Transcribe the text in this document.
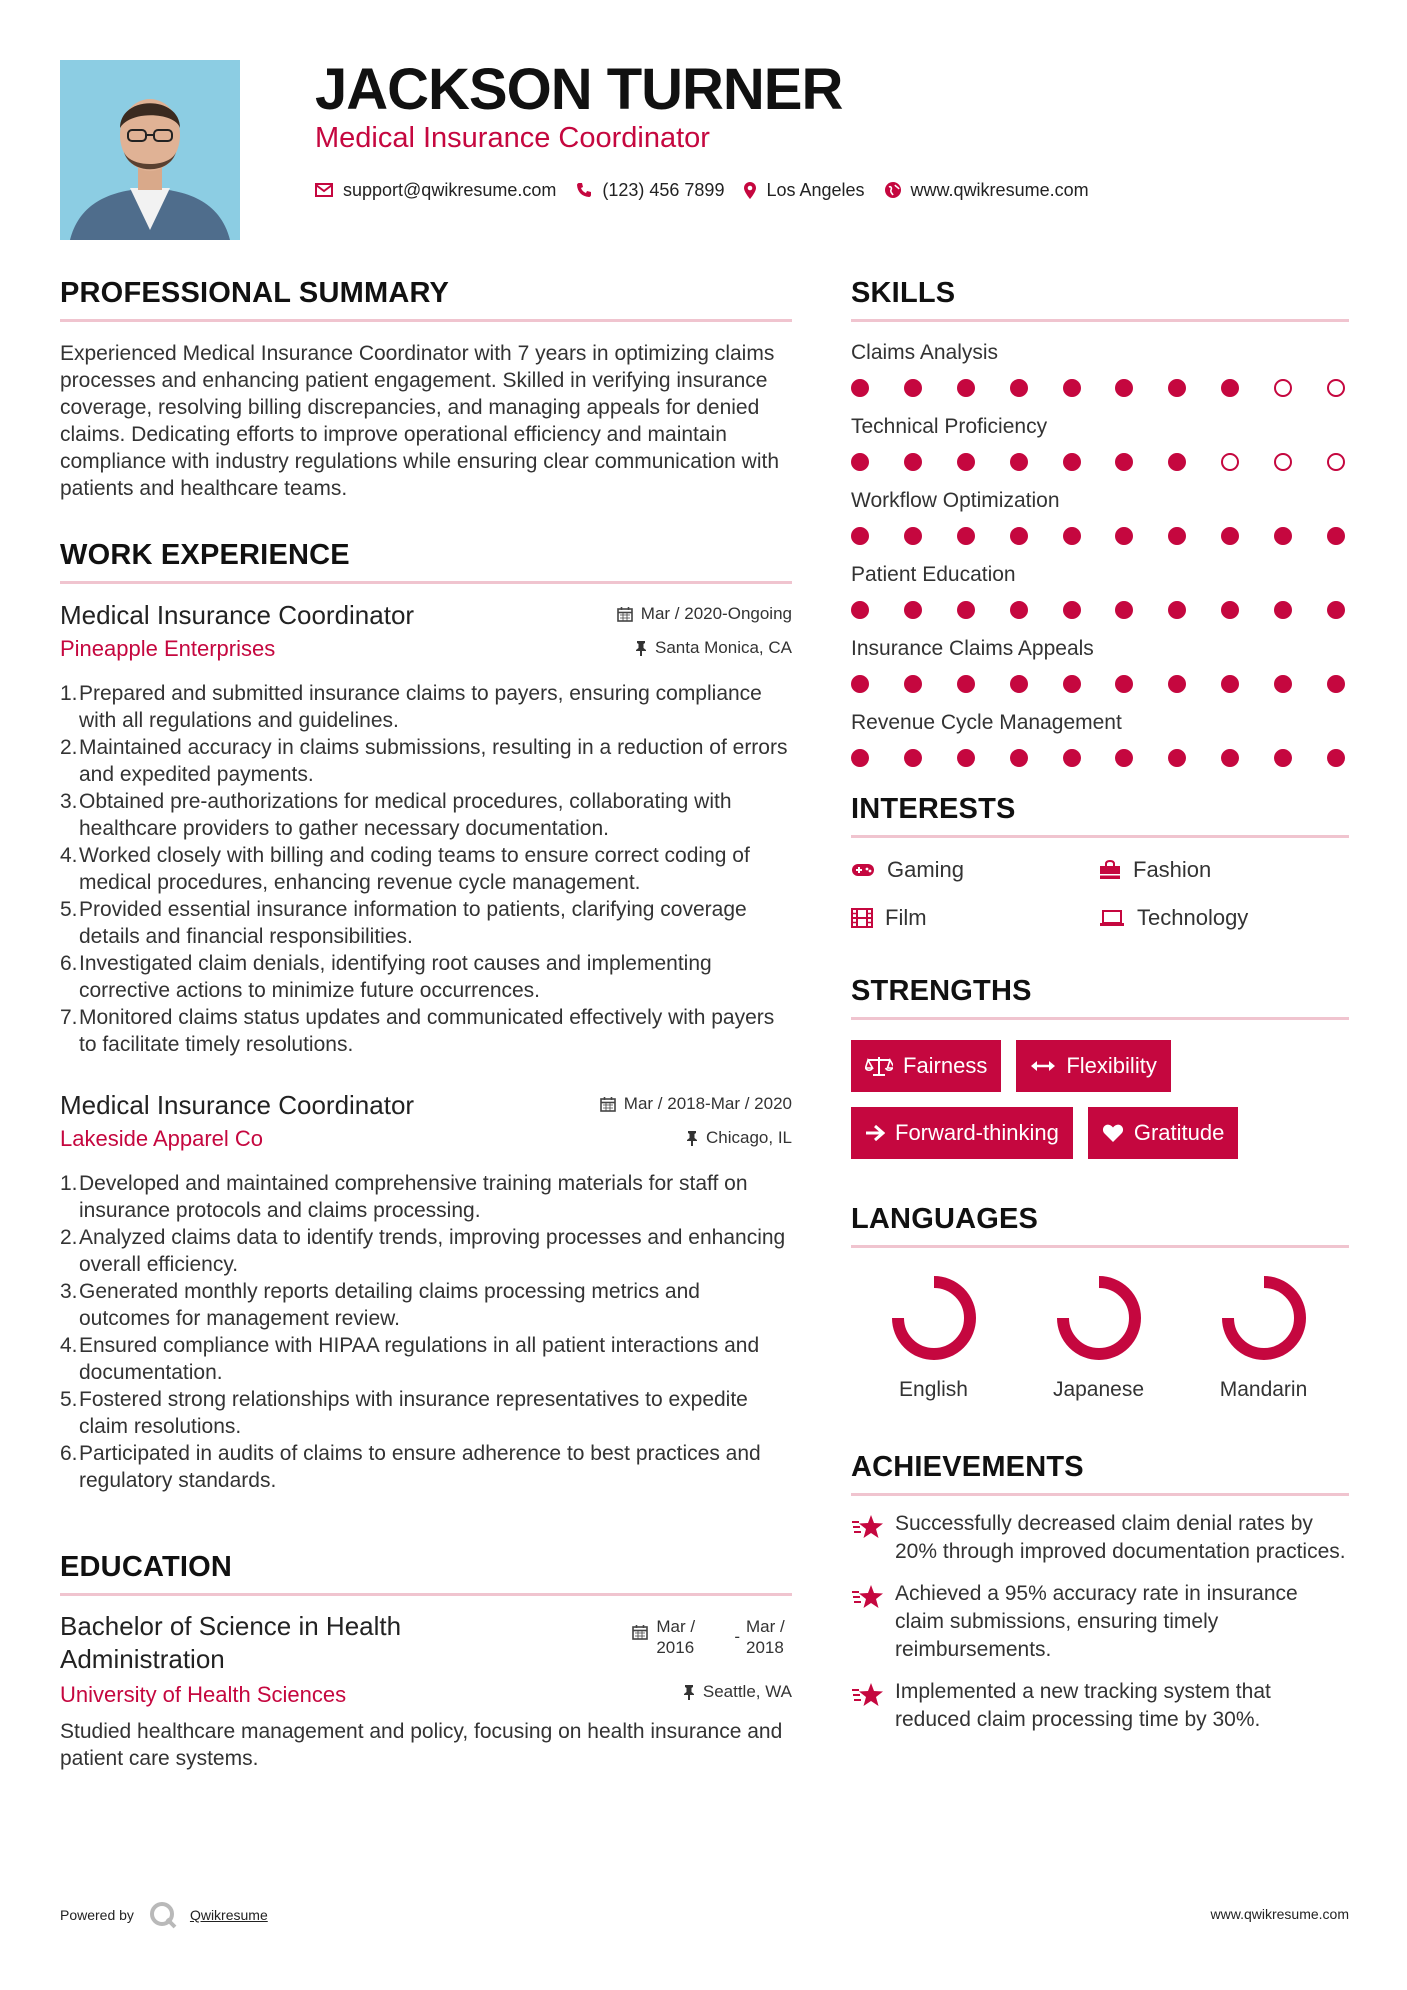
JACKSON TURNER
Medical Insurance Coordinator
support@qwikresume.com	(123) 456 7899 Los Angeles	www.qwikresume.com
PROFESSIONAL SUMMARY

Experienced Medical Insurance Coordinator with 7 years in optimizing claims processes and enhancing patient engagement. Skilled in verifying insurance coverage, resolving billing discrepancies, and managing appeals for denied claims. Dedicating efforts to improve operational efficiency and maintain compliance with industry regulations while ensuring clear communication with patients and healthcare teams.

WORK EXPERIENCE
Mar / 2020-Ongoing
Medical Insurance Coordinator
Santa Monica, CA
Pineapple Enterprises
1. Prepared and submitted insurance claims to payers, ensuring compliance with all regulations and guidelines.
2. Maintained accuracy in claims submissions, resulting in a reduction of errors and expedited payments.
3. Obtained pre-authorizations for medical procedures, collaborating with healthcare providers to gather necessary documentation.
4. Worked closely with billing and coding teams to ensure correct coding of medical procedures, enhancing revenue cycle management.
5. Provided essential insurance information to patients, clarifying coverage details and financial responsibilities.
6. Investigated claim denials, identifying root causes and implementing corrective actions to minimize future occurrences.
7. Monitored claims status updates and communicated effectively with payers to facilitate timely resolutions.
Mar / 2018-Mar / 2020
Medical Insurance Coordinator
Chicago, IL
Lakeside Apparel Co
1. Developed and maintained comprehensive training materials for staff on insurance protocols and claims processing.
2. Analyzed claims data to identify trends, improving processes and enhancing overall efficiency.
3. Generated monthly reports detailing claims processing metrics and outcomes for management review.
4. Ensured compliance with HIPAA regulations in all patient interactions and documentation.
5. Fostered strong relationships with insurance representatives to expedite claim resolutions.
6. Participated in audits of claims to ensure adherence to best practices and regulatory standards.
EDUCATION
Mar / 2016
-
Mar / 2018
Bachelor of Science in Health Administration
Seattle, WA
University of Health Sciences

Studied healthcare management and policy, focusing on health insurance and patient care systems.

SKILLS
Claims Analysis
Technical Proficiency
Workflow Optimization
Patient Education
Insurance Claims Appeals
Revenue Cycle Management
INTERESTS
Gaming	Fashion
Film	Technology
STRENGTHS
Fairness	Flexibility
Forward-thinking	Gratitude
LANGUAGES
English	Japanese	Mandarin
ACHIEVEMENTS
Successfully decreased claim denial rates by 20% through improved documentation practices.
Achieved a 95% accuracy rate in insurance claim submissions, ensuring timely reimbursements.
Implemented a new tracking system that reduced claim processing time by 30%.
Powered by	Qwikresume	www.qwikresume.com
